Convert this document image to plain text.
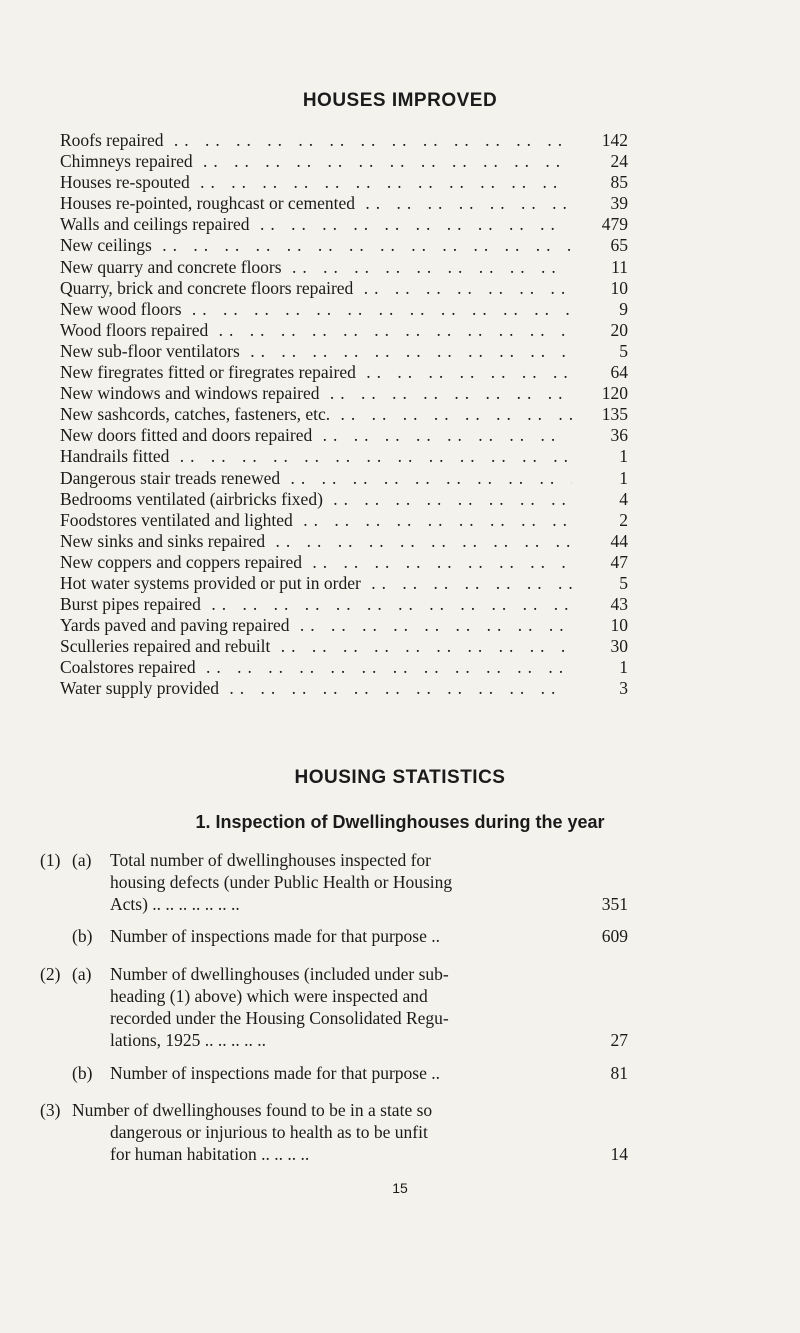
HOUSES IMPROVED
Roofs repaired .. ..	142
Chimneys repaired .. ..	24
Houses re-spouted .. ..	85
Houses re-pointed, roughcast or cemented .. ..	39
Walls and ceilings repaired .. ..	479
New ceilings .. ..	65
New quarry and concrete floors .. ..	11
Quarry, brick and concrete floors repaired .. ..	10
New wood floors .. ..	9
Wood floors repaired .. ..	20
New sub-floor ventilators .. ..	5
New firegrates fitted or firegrates repaired .. ..	64
New windows and windows repaired .. ..	120
New sashcords, catches, fasteners, etc. .. ..	135
New doors fitted and doors repaired .. ..	36
Handrails fitted .. ..	1
Dangerous stair treads renewed .. ..	1
Bedrooms ventilated (airbricks fixed) .. ..	4
Foodstores ventilated and lighted .. ..	2
New sinks and sinks repaired .. ..	44
New coppers and coppers repaired .. ..	47
Hot water systems provided or put in order .. ..	5
Burst pipes repaired .. ..	43
Yards paved and paving repaired .. ..	10
Sculleries repaired and rebuilt .. ..	30
Coalstores repaired .. ..	1
Water supply provided .. ..	3
HOUSING STATISTICS
1. Inspection of Dwellinghouses during the year
(1) (a) Total number of dwellinghouses inspected for
housing defects (under Public Health or Housing
Acts) .. .. .. .. .. .. ..	351
(b) Number of inspections made for that purpose ..	609
(2) (a) Number of dwellinghouses (included under sub-
heading (1) above) which were inspected and
recorded under the Housing Consolidated Regu-
lations, 1925 .. .. .. .. ..	27
(b) Number of inspections made for that purpose ..	81
(3) Number of dwellinghouses found to be in a state so
dangerous or injurious to health as to be unfit
for human habitation .. .. .. ..	14
15
